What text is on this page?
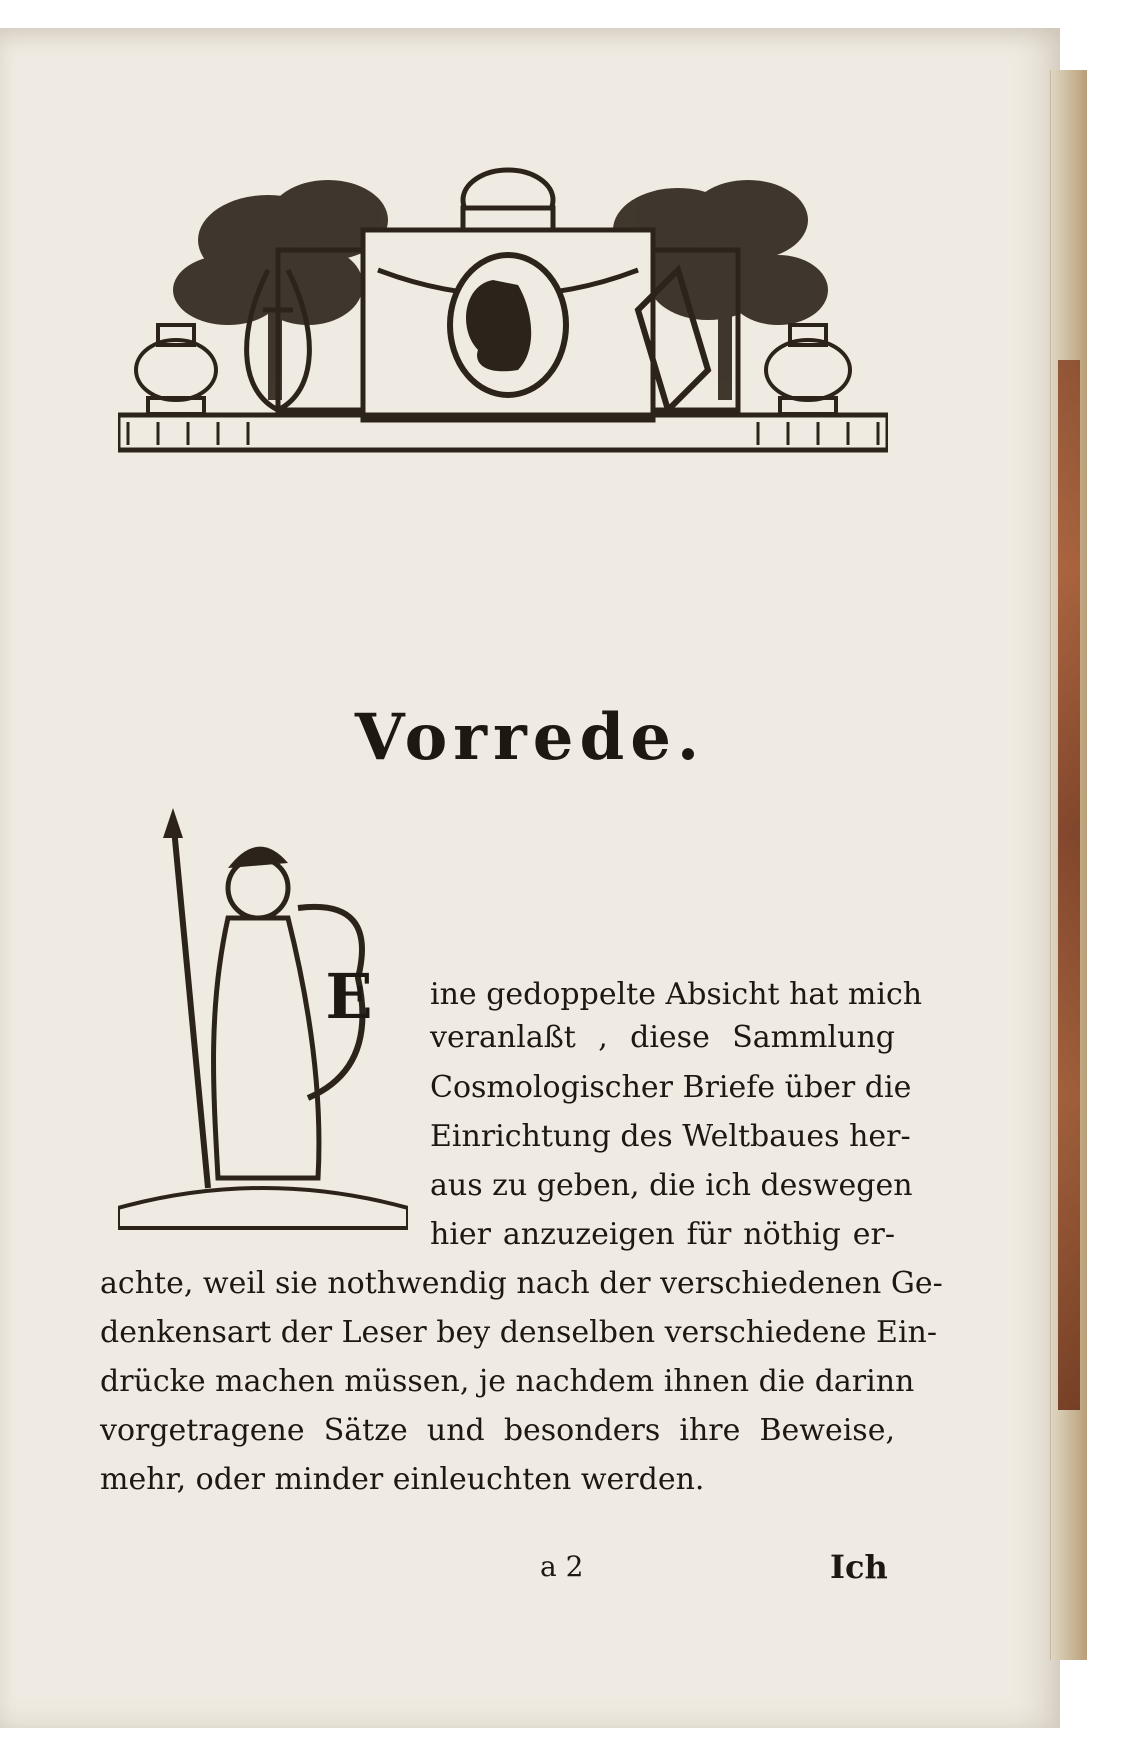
Vorrede.
E ine gedoppelte Absicht hat mich
veranlaßt , diese Sammlung
Cosmologischer Briefe über die
Einrichtung des Weltbaues her-
aus zu geben, die ich deswegen
hier anzuzeigen für nöthig er-
achte, weil sie nothwendig nach der verschiedenen Ge-
denkensart der Leser bey denselben verschiedene Ein-
drücke machen müssen, je nachdem ihnen die darinn
vorgetragene Sätze und besonders ihre Beweise,
mehr, oder minder einleuchten werden.
a 2	Ich
